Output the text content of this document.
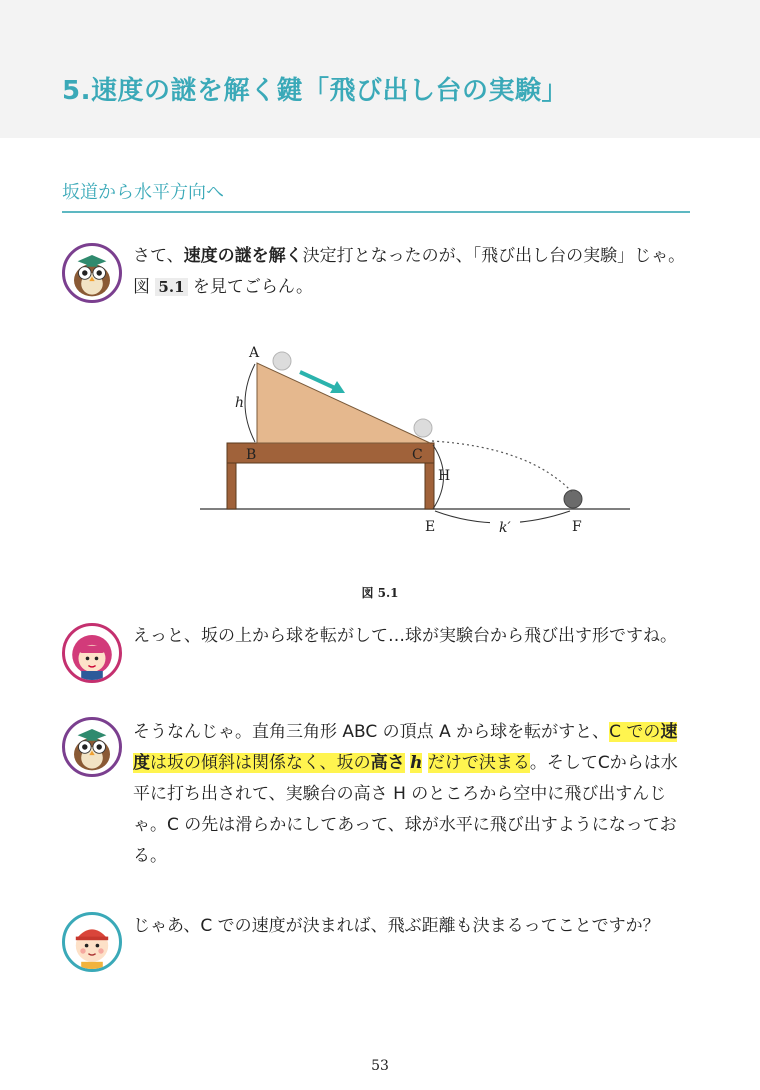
5.速度の謎を解く鍵「飛び出し台の実験」
坂道から水平方向へ

さて、速度の謎を解く決定打となったのが、「飛び出し台の実験」じゃ。図 5.1 を見てごらん。

A
h
B	C
H
E	k′	F
図 5.1

えっと、坂の上から球を転がして…球が実験台から飛び出す形ですね。

そうなんじゃ。直角三角形 ABC の頂点 A から球を転がすと、C での速度は坂の傾斜は関係なく、坂の高さ h だけで決まる。そしてCからは水平に打ち出されて、実験台の高さ H のところから空中に飛び出すんじゃ。C の先は滑らかにしてあって、球が水平に飛び出すようになっておる。

じゃあ、C での速度が決まれば、飛ぶ距離も決まるってことですか？

53
